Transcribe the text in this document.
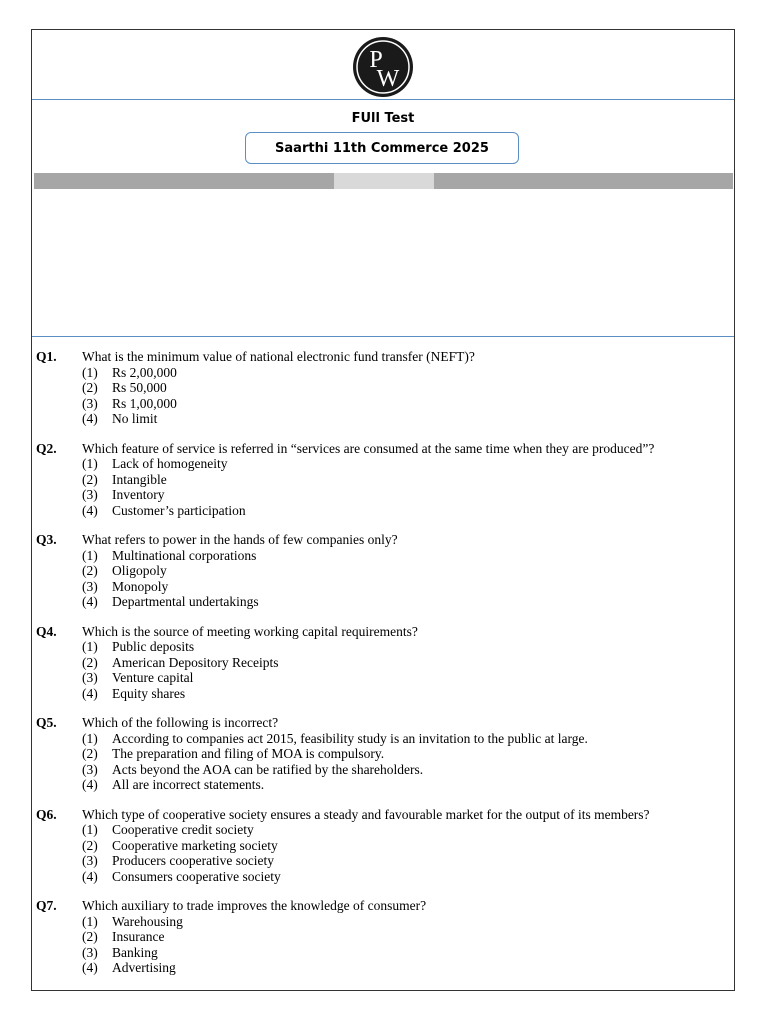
P
W
FUll Test
Saarthi 11th Commerce 2025
Q1.	What is the minimum value of national electronic fund transfer (NEFT)?
(1)	Rs 2,00,000
(2)	Rs 50,000
(3)	Rs 1,00,000
(4)	No limit
Q2.	Which feature of service is referred in “services are consumed at the same time when they are produced”?
(1)	Lack of homogeneity
(2)	Intangible
(3)	Inventory
(4)	Customer’s participation
Q3.	What refers to power in the hands of few companies only?
(1)	Multinational corporations
(2)	Oligopoly
(3)	Monopoly
(4)	Departmental undertakings
Q4.	Which is the source of meeting working capital requirements?
(1)	Public deposits
(2)	American Depository Receipts
(3)	Venture capital
(4)	Equity shares
Q5.	Which of the following is incorrect?
(1)	According to companies act 2015, feasibility study is an invitation to the public at large.
(2)	The preparation and filing of MOA is compulsory.
(3)	Acts beyond the AOA can be ratified by the shareholders.
(4)	All are incorrect statements.
Q6.	Which type of cooperative society ensures a steady and favourable market for the output of its members?
(1)	Cooperative credit society
(2)	Cooperative marketing society
(3)	Producers cooperative society
(4)	Consumers cooperative society
Q7.	Which auxiliary to trade improves the knowledge of consumer?
(1)	Warehousing
(2)	Insurance
(3)	Banking
(4)	Advertising
